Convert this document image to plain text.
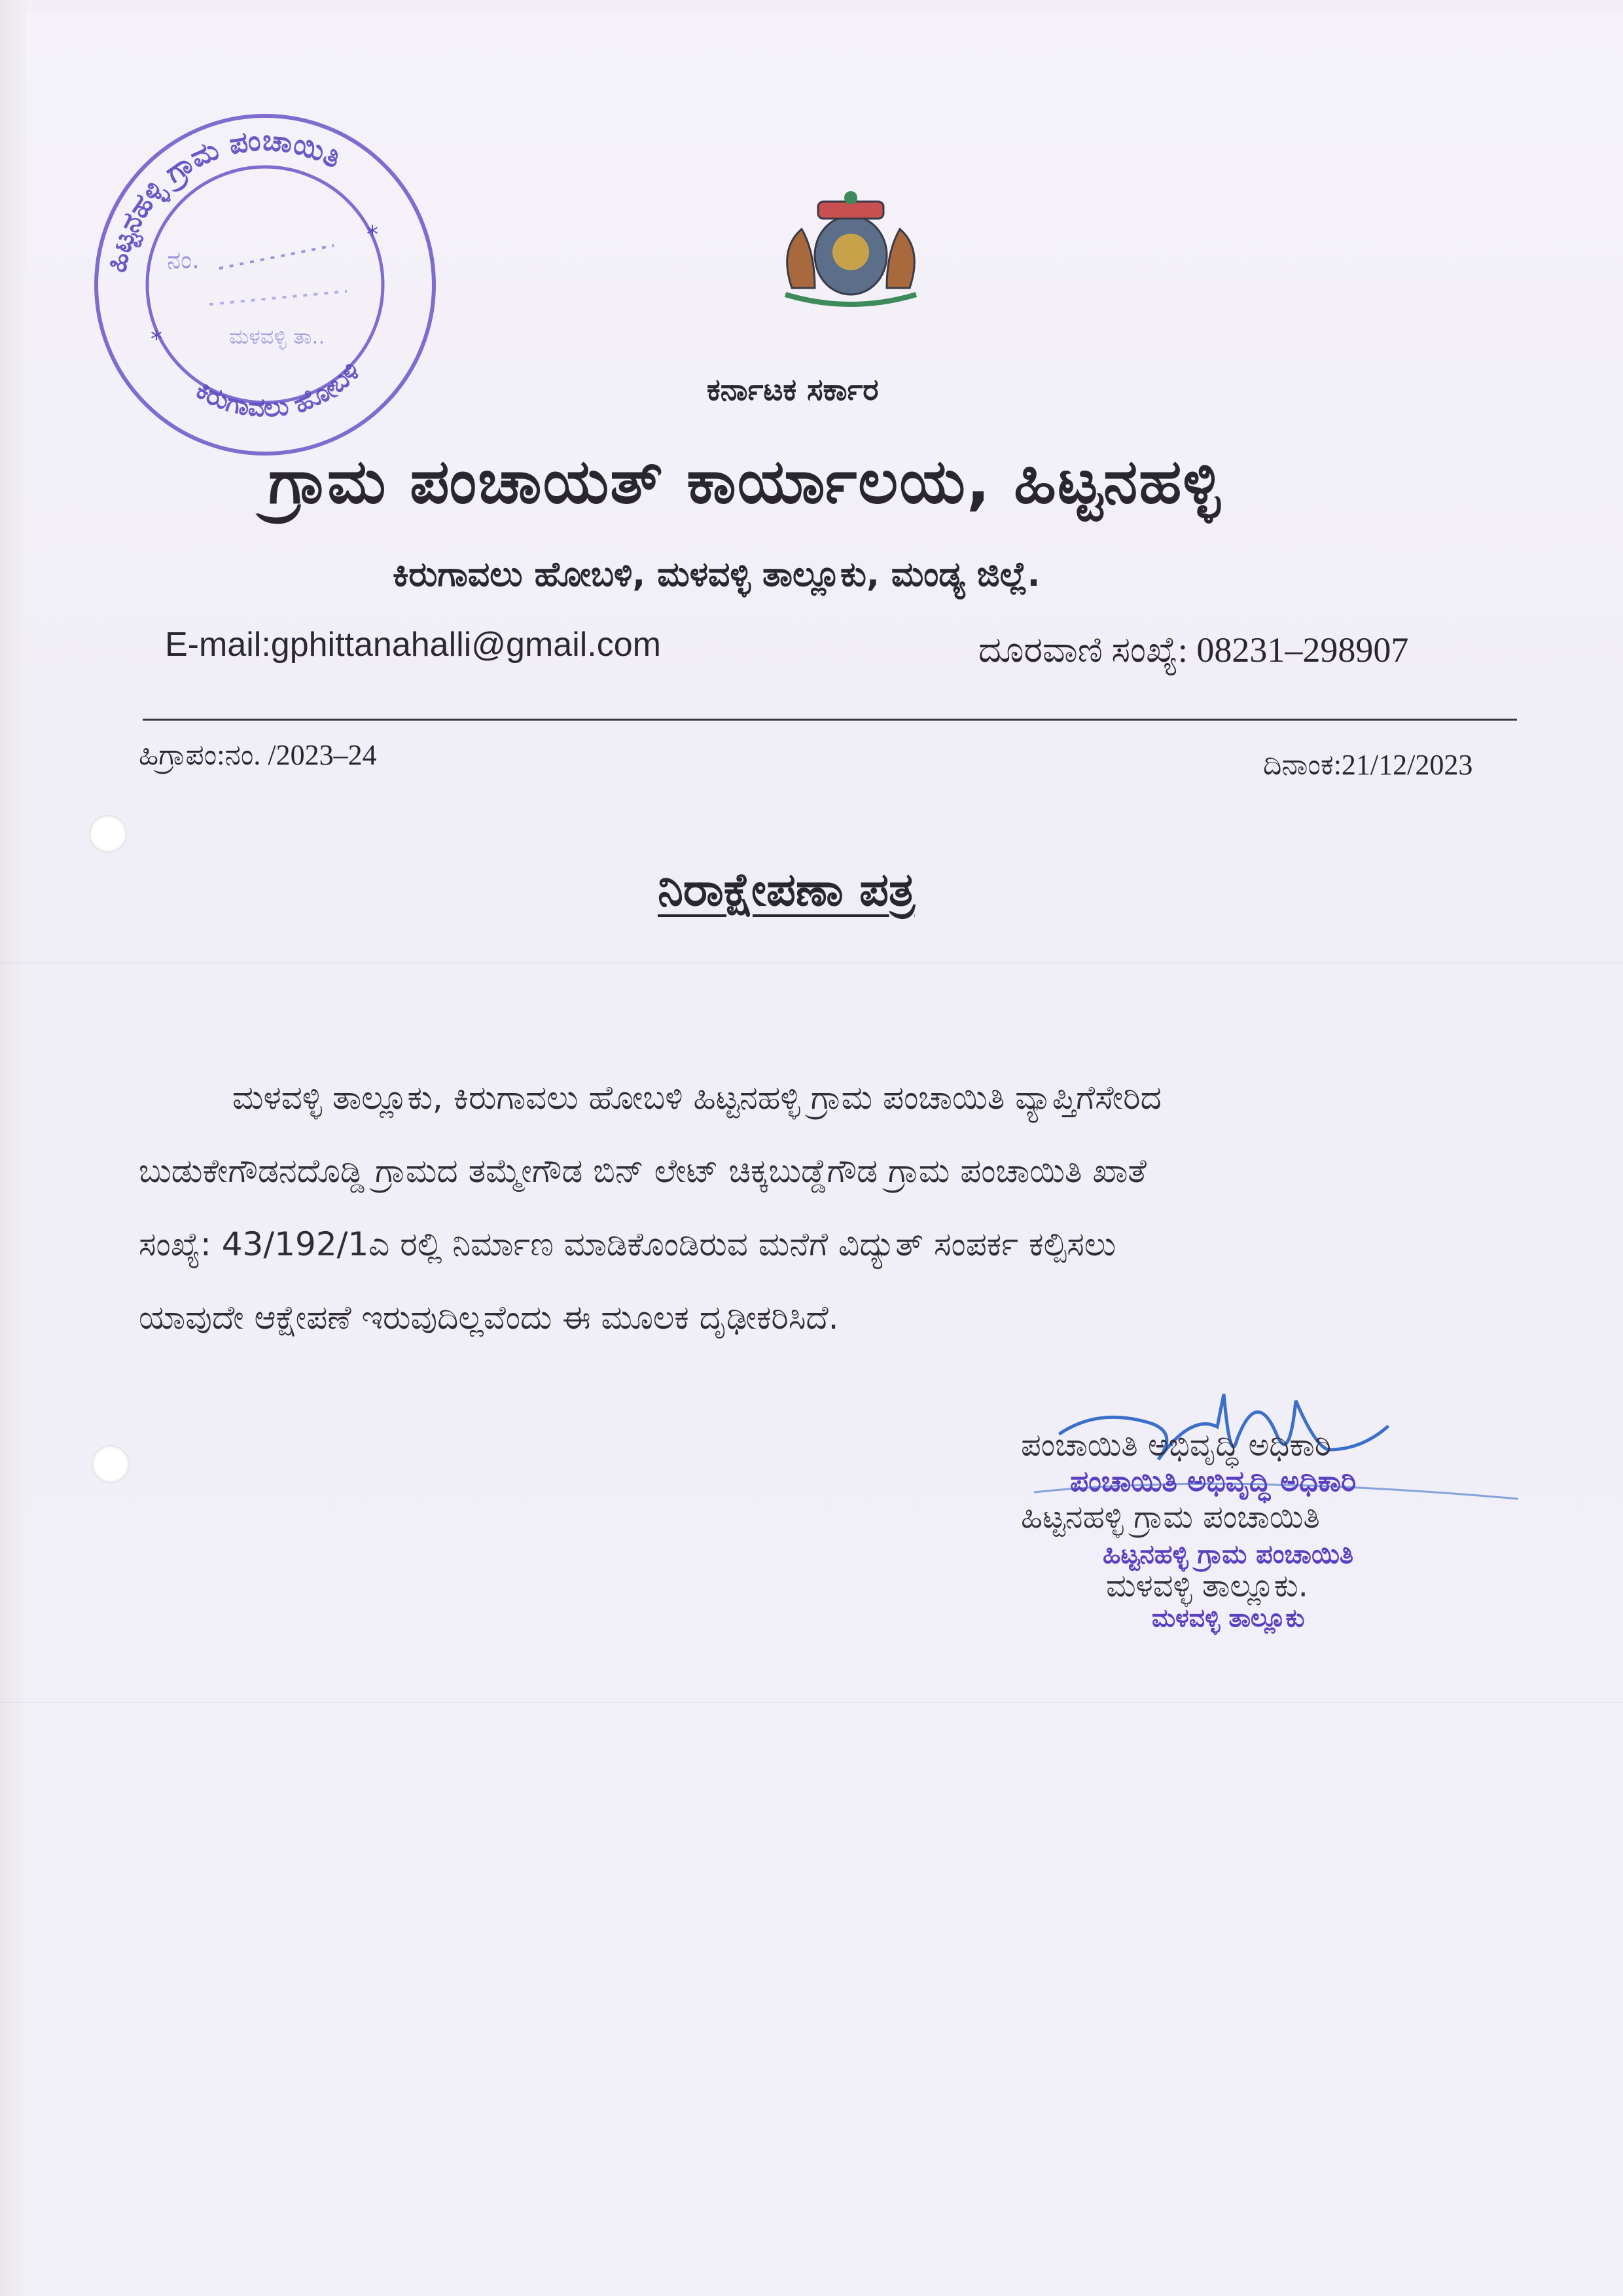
ಹಿಟ್ಟನಹಳ್ಳಿ ಗ್ರಾಮ ಪಂಚಾಯಿತಿ
ಕಿರುಗಾವಲು ಹೋಬಳಿ
*
*
ನಂ.
ಮಳವಳ್ಳಿ ತಾ..
ಕರ್ನಾಟಕ ಸರ್ಕಾರ
ಗ್ರಾಮ ಪಂಚಾಯತ್ ಕಾರ್ಯಾಲಯ, ಹಿಟ್ಟನಹಳ್ಳಿ
ಕಿರುಗಾವಲು ಹೋಬಳಿ, ಮಳವಳ್ಳಿ ತಾಲ್ಲೂಕು, ಮಂಡ್ಯ ಜಿಲ್ಲೆ.
E-mail:gphittanahalli@gmail.com	ದೂರವಾಣಿ ಸಂಖ್ಯೆ: 08231–298907
ಹಿಗ್ರಾಪಂ:ನಂ. /2023–24	ದಿನಾಂಕ:21/12/2023
ನಿರಾಕ್ಷೇಪಣಾ ಪತ್ರ
ಮಳವಳ್ಳಿ ತಾಲ್ಲೂಕು, ಕಿರುಗಾವಲು ಹೋಬಳಿ ಹಿಟ್ಟನಹಳ್ಳಿ ಗ್ರಾಮ ಪಂಚಾಯಿತಿ ವ್ಯಾಪ್ತಿಗೆಸೇರಿದ
ಬುಡುಕೇಗೌಡನದೊಡ್ಡಿ ಗ್ರಾಮದ ತಮ್ಮೇಗೌಡ ಬಿನ್ ಲೇಟ್ ಚಿಕ್ಕಬುಡ್ಡೆಗೌಡ ಗ್ರಾಮ ಪಂಚಾಯಿತಿ ಖಾತೆ
ಸಂಖ್ಯೆ: 43/192/1ಎ ರಲ್ಲಿ ನಿರ್ಮಾಣ ಮಾಡಿಕೊಂಡಿರುವ ಮನೆಗೆ ವಿದ್ಯುತ್ ಸಂಪರ್ಕ ಕಲ್ಪಿಸಲು
ಯಾವುದೇ ಆಕ್ಷೇಪಣೆ ಇರುವುದಿಲ್ಲವೆಂದು ಈ ಮೂಲಕ ದೃಢೀಕರಿಸಿದೆ.
ಪಂಚಾಯಿತಿ ಅಭಿವೃದ್ಧಿ ಅಧಿಕಾರಿ
ಹಿಟ್ಟನಹಳ್ಳಿ ಗ್ರಾಮ ಪಂಚಾಯಿತಿ
ಮಳವಳ್ಳಿ ತಾಲ್ಲೂಕು.
ಪಂಚಾಯಿತಿ ಅಭಿವೃದ್ಧಿ ಅಧಿಕಾರಿ
ಹಿಟ್ಟನಹಳ್ಳಿ ಗ್ರಾಮ ಪಂಚಾಯಿತಿ
ಮಳವಳ್ಳಿ ತಾಲ್ಲೂಕು
